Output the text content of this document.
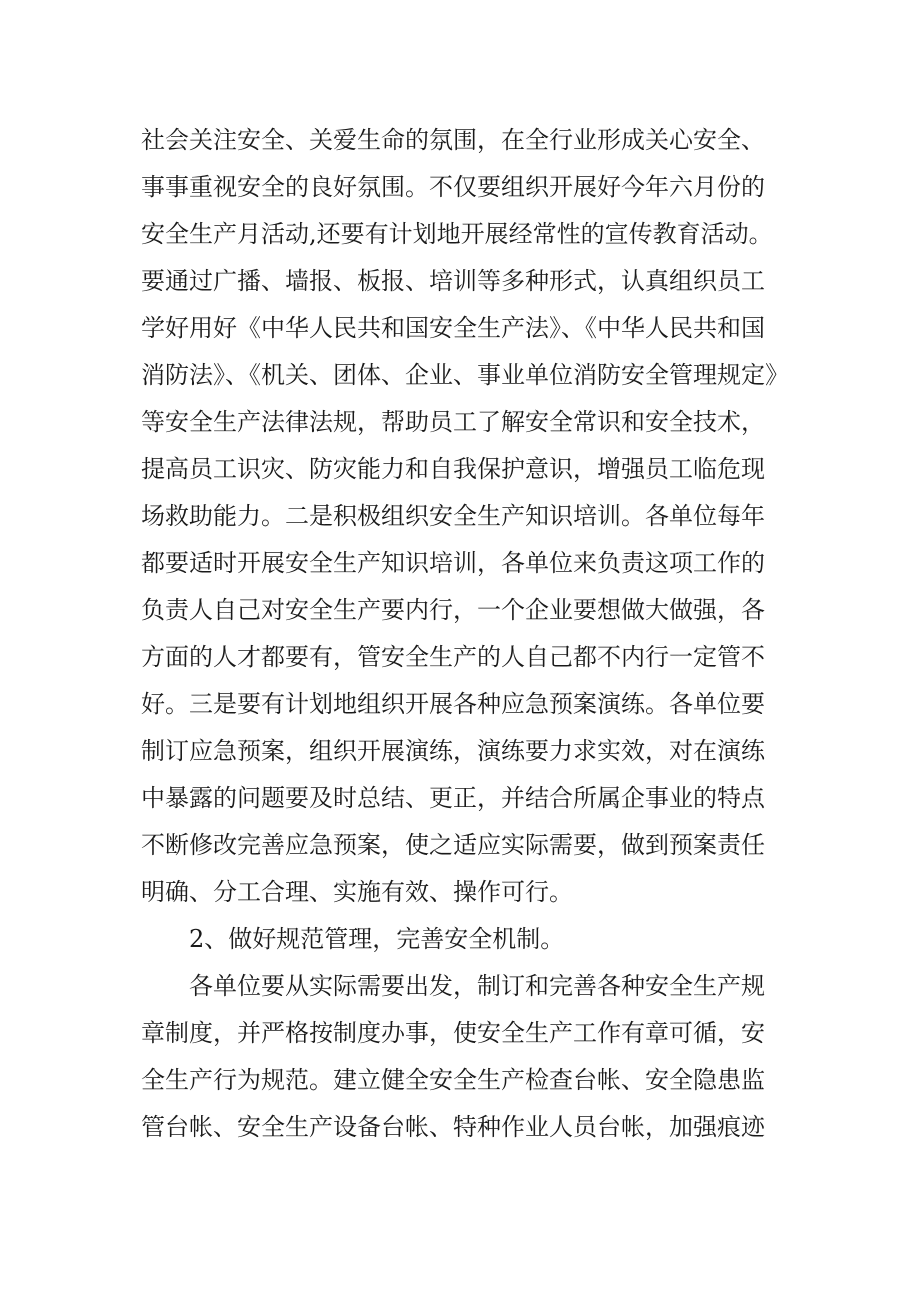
社会关注安全、关爱生命的氛围，在全行业形成关心安全、
事事重视安全的良好氛围。不仅要组织开展好今年六月份的
安全生产月活动,还要有计划地开展经常性的宣传教育活动。
要通过广播、墙报、板报、培训等多种形式，认真组织员工
学好用好《中华人民共和国安全生产法》、《中华人民共和国
消防法》、《机关、团体、企业、事业单位消防安全管理规定》
等安全生产法律法规，帮助员工了解安全常识和安全技术，
提高员工识灾、防灾能力和自我保护意识，增强员工临危现
场救助能力。二是积极组织安全生产知识培训。各单位每年
都要适时开展安全生产知识培训，各单位来负责这项工作的
负责人自己对安全生产要内行，一个企业要想做大做强，各
方面的人才都要有，管安全生产的人自己都不内行一定管不
好。三是要有计划地组织开展各种应急预案演练。各单位要
制订应急预案，组织开展演练，演练要力求实效，对在演练
中暴露的问题要及时总结、更正，并结合所属企事业的特点
不断修改完善应急预案，使之适应实际需要，做到预案责任
明确、分工合理、实施有效、操作可行。
2、做好规范管理，完善安全机制。
各单位要从实际需要出发，制订和完善各种安全生产规
章制度，并严格按制度办事，使安全生产工作有章可循，安
全生产行为规范。建立健全安全生产检查台帐、安全隐患监
管台帐、安全生产设备台帐、特种作业人员台帐，加强痕迹
